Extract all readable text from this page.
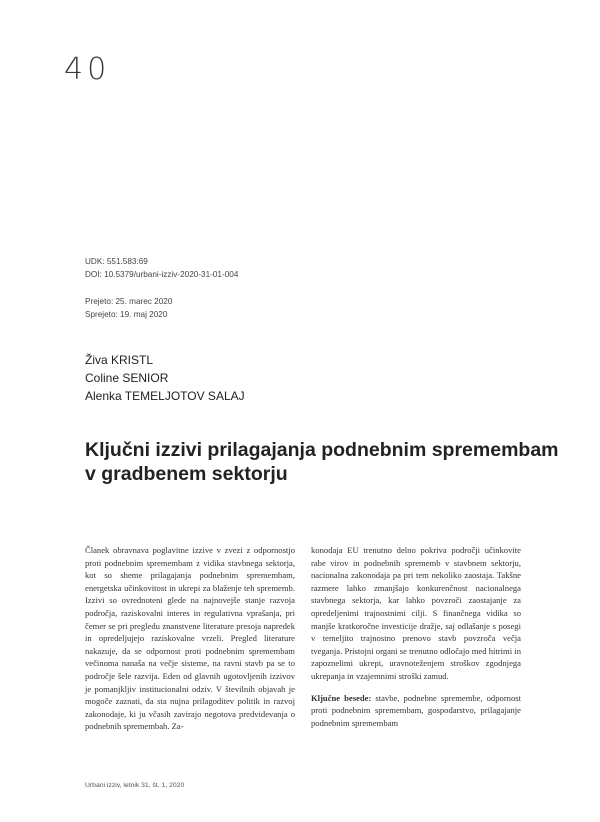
40
UDK: 551.583:69
DOI: 10.5379/urbani-izziv-2020-31-01-004
Prejeto: 25. marec 2020
Sprejeto: 19. maj 2020
Živa KRISTL
Coline SENIOR
Alenka TEMELJOTOV SALAJ
Ključni izzivi prilagajanja podnebnim spremembam
v gradbenem sektorju

Članek obravnava poglavitne izzive v zvezi z odpornostjo proti podnebnim spremembam z vidika stavbnega sektorja, kot so sheme prilagajanja podnebnim spremembam, energetska učinkovitost in ukrepi za blaženje teh sprememb. Izzivi so ovrednoteni glede na najnovejše stanje razvoja področja, raziskovalni interes in regulativna vprašanja, pri čemer se pri pregledu znanstvene literature presoja napredek in opredeljujejo raziskovalne vrzeli. Pregled literature nakazuje, da se odpornost proti podnebnim spremembam večinoma nanaša na večje sisteme, na ravni stavb pa se to področje šele razvija. Eden od glavnih ugotovljenih izzivov je pomanjkljiv institucionalni odziv. V številnih objavah je mogoče zaznati, da sta nujna prilagoditev politik in razvoj zakonodaje, ki ju včasih zavirajo negotova predvidevanja o podnebnih spremembah. Za-

konodaja EU trenutno delno pokriva področji učinkovite rabe virov in podnebnih sprememb v stavbnem sektorju, nacionalna zakonodaja pa pri tem nekoliko zaostaja. Takšne razmere lahko zmanjšajo konkurenčnost nacionalnega stavbnega sektorja, kar lahko povzroči zaostajanje za opredeljenimi trajnostnimi cilji. S finančnega vidika so manjše kratkoročne investicije dražje, saj odlašanje s posegi v temeljito trajnostno prenovo stavb povzroča večja tveganja. Pristojni organi se trenutno odločajo med hitrimi in zapoznelimi ukrepi, uravnoteženjem stroškov zgodnjega ukrepanja in vzajemnimi stroški zamud.

Ključne besede: stavbe, podnebne spremembe, odpornost proti podnebnim spremembam, gospodarstvo, prilagajanje podnebnim spremembam

Urbani izziv, letnik 31, št. 1, 2020
